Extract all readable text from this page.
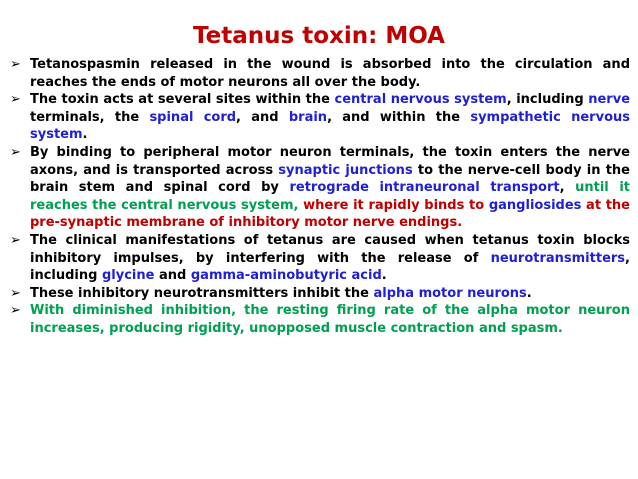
Tetanus toxin: MOA
➢ Tetanospasmin released in the wound is absorbed into the circulation and reaches the ends of motor neurons all over the body.
➢ The toxin acts at several sites within the central nervous system, including nerve terminals, the spinal cord, and brain, and within the sympathetic nervous system.
➢ By binding to peripheral motor neuron terminals, the toxin enters the nerve axons, and is transported across synaptic junctions to the nerve-cell body in the brain stem and spinal cord by retrograde intraneuronal transport, until it reaches the central nervous system, where it rapidly binds to gangliosides at the pre-synaptic membrane of inhibitory motor nerve endings.
➢ The clinical manifestations of tetanus are caused when tetanus toxin blocks inhibitory impulses, by interfering with the release of neurotransmitters, including glycine and gamma-aminobutyric acid.
➢ These inhibitory neurotransmitters inhibit the alpha motor neurons.
➢ With diminished inhibition, the resting firing rate of the alpha motor neuron increases, producing rigidity, unopposed muscle contraction and spasm.
